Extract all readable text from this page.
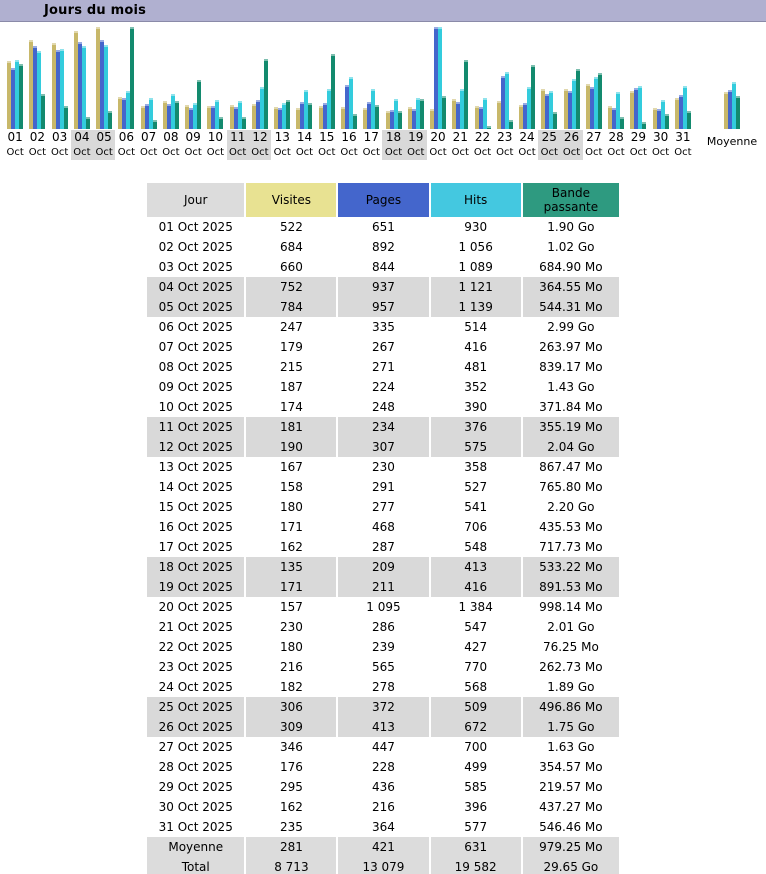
Jours du mois
01
Oct
02
Oct
03
Oct
04
Oct
05
Oct
06
Oct
07
Oct
08
Oct
09
Oct
10
Oct
11
Oct
12
Oct
13
Oct
14
Oct
15
Oct
16
Oct
17
Oct
18
Oct
19
Oct
20
Oct
21
Oct
22
Oct
23
Oct
24
Oct
25
Oct
26
Oct
27
Oct
28
Oct
29
Oct
30
Oct
31
Oct
Moyenne
Jour	Visites	Pages	Hits	Bande passante
01 Oct 2025	522	651	930	1.90 Go
02 Oct 2025	684	892	1 056	1.02 Go
03 Oct 2025	660	844	1 089	684.90 Mo
04 Oct 2025	752	937	1 121	364.55 Mo
05 Oct 2025	784	957	1 139	544.31 Mo
06 Oct 2025	247	335	514	2.99 Go
07 Oct 2025	179	267	416	263.97 Mo
08 Oct 2025	215	271	481	839.17 Mo
09 Oct 2025	187	224	352	1.43 Go
10 Oct 2025	174	248	390	371.84 Mo
11 Oct 2025	181	234	376	355.19 Mo
12 Oct 2025	190	307	575	2.04 Go
13 Oct 2025	167	230	358	867.47 Mo
14 Oct 2025	158	291	527	765.80 Mo
15 Oct 2025	180	277	541	2.20 Go
16 Oct 2025	171	468	706	435.53 Mo
17 Oct 2025	162	287	548	717.73 Mo
18 Oct 2025	135	209	413	533.22 Mo
19 Oct 2025	171	211	416	891.53 Mo
20 Oct 2025	157	1 095	1 384	998.14 Mo
21 Oct 2025	230	286	547	2.01 Go
22 Oct 2025	180	239	427	76.25 Mo
23 Oct 2025	216	565	770	262.73 Mo
24 Oct 2025	182	278	568	1.89 Go
25 Oct 2025	306	372	509	496.86 Mo
26 Oct 2025	309	413	672	1.75 Go
27 Oct 2025	346	447	700	1.63 Go
28 Oct 2025	176	228	499	354.57 Mo
29 Oct 2025	295	436	585	219.57 Mo
30 Oct 2025	162	216	396	437.27 Mo
31 Oct 2025	235	364	577	546.46 Mo
Moyenne	281	421	631	979.25 Mo
Total	8 713	13 079	19 582	29.65 Go
